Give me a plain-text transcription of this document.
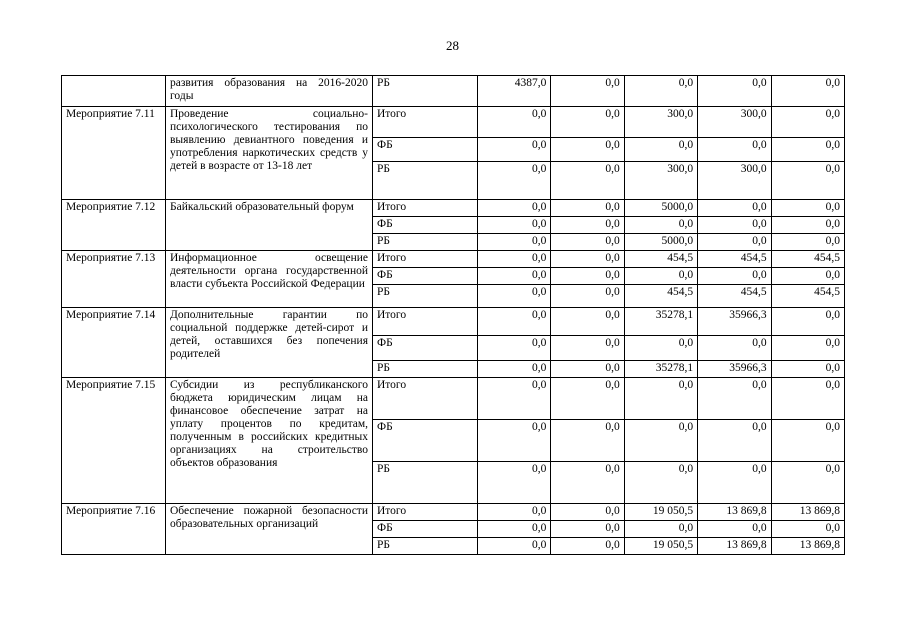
28
	развития образования на 2016-2020 годы	РБ	4387,0	0,0	0,0	0,0	0,0
Мероприятие 7.11	Проведение социально-психологического тестирования по выявлению девиантного поведения и употребления наркотических средств у детей в возрасте от 13-18 лет	Итого	0,0	0,0	300,0	300,0	0,0
		ФБ	0,0	0,0	0,0	0,0	0,0
		РБ	0,0	0,0	300,0	300,0	0,0
Мероприятие 7.12	Байкальский образовательный форум	Итого	0,0	0,0	5000,0	0,0	0,0
		ФБ	0,0	0,0	0,0	0,0	0,0
		РБ	0,0	0,0	5000,0	0,0	0,0
Мероприятие 7.13	Информационное освещение деятельности органа государственной власти субъекта Российской Федерации	Итого	0,0	0,0	454,5	454,5	454,5
		ФБ	0,0	0,0	0,0	0,0	0,0
		РБ	0,0	0,0	454,5	454,5	454,5
Мероприятие 7.14	Дополнительные гарантии по социальной поддержке детей-сирот и детей, оставшихся без попечения родителей	Итого	0,0	0,0	35278,1	35966,3	0,0
		ФБ	0,0	0,0	0,0	0,0	0,0
		РБ	0,0	0,0	35278,1	35966,3	0,0
Мероприятие 7.15	Субсидии из республиканского бюджета юридическим лицам на финансовое обеспечение затрат на уплату процентов по кредитам, полученным в российских кредитных организациях на строительство объектов образования	Итого	0,0	0,0	0,0	0,0	0,0
		ФБ	0,0	0,0	0,0	0,0	0,0
		РБ	0,0	0,0	0,0	0,0	0,0
Мероприятие 7.16	Обеспечение пожарной безопасности образовательных организаций	Итого	0,0	0,0	19 050,5	13 869,8	13 869,8
		ФБ	0,0	0,0	0,0	0,0	0,0
		РБ	0,0	0,0	19 050,5	13 869,8	13 869,8
